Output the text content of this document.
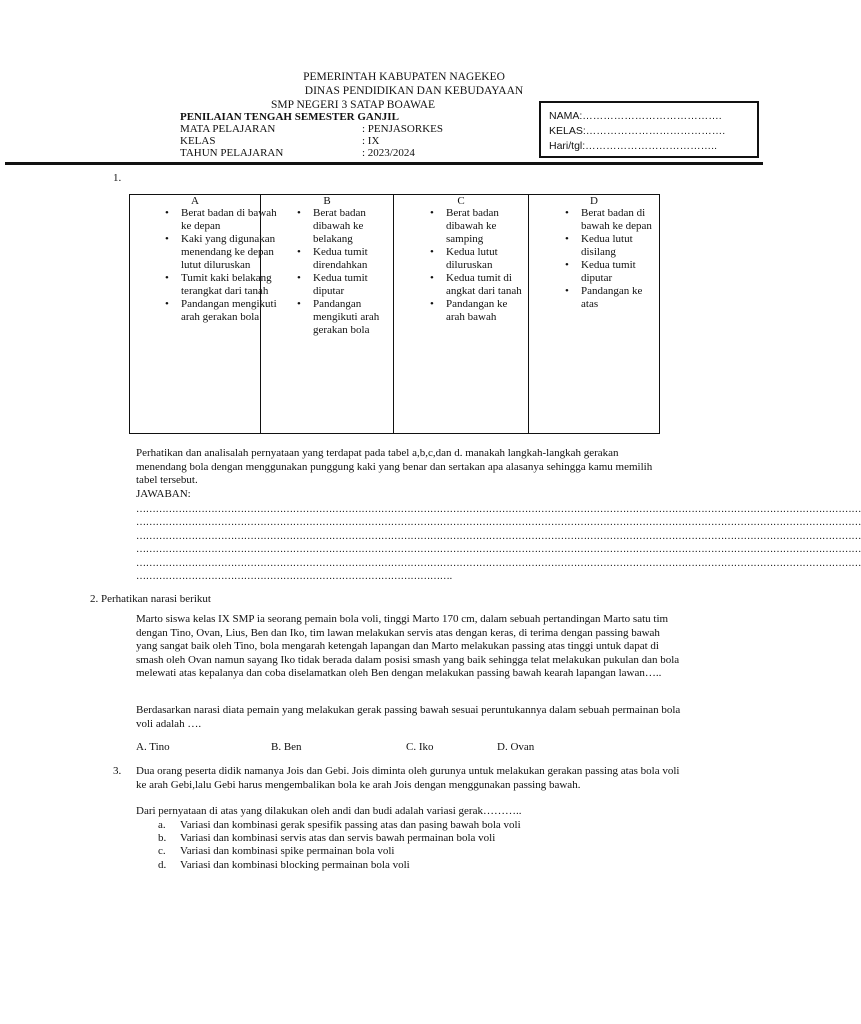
PEMERINTAH KABUPATEN NAGEKEO
DINAS PENDIDIKAN DAN KEBUDAYAAN
SMP NEGERI 3 SATAP BOAWAE
PENILAIAN TENGAH SEMESTER GANJIL
MATA PELAJARAN	: PENJASORKES
KELAS	: IX
TAHUN PELAJARAN	: 2023/2024
NAMA:………………………………….
KELAS:………………………………….
Hari/tgl:………………………………..
1.
A
• Berat badan di bawah ke depan
• Kaki yang digunakan menendang ke depan lutut diluruskan
• Tumit kaki belakang terangkat dari tanah
• Pandangan mengikuti arah gerakan bola
B
• Berat badan dibawah ke belakang
• Kedua tumit direndahkan
• Kedua tumit diputar
• Pandangan mengikuti arah gerakan bola
C
• Berat badan dibawah ke samping
• Kedua lutut diluruskan
• Kedua tumit di angkat dari tanah
• Pandangan ke arah bawah
D
• Berat badan di bawah ke depan
• Kedua lutut disilang
• Kedua tumit diputar
• Pandangan ke atas
Perhatikan dan analisalah pernyataan yang terdapat pada tabel a,b,c,dan d. manakah langkah-langkah gerakan menendang bola dengan menggunakan punggung kaki yang benar dan sertakan apa alasanya sehingga kamu memilih tabel tersebut.
JAWABAN:
……………………………………………………………………………………………………………………………………………………………………………………………………
……………………………………………………………………………………………………………………………………………………………………………………………………
……………………………………………………………………………………………………………………………………………………………………………………………………
……………………………………………………………………………………………………………………………………………………………………………………………………
……………………………………………………………………………………………………………………………………………………………………………………………………
…………………………………………………………………………………….
2. Perhatikan narasi berikut
Marto siswa kelas IX SMP ia seorang pemain bola voli, tinggi Marto 170 cm, dalam sebuah pertandingan Marto satu tim dengan Tino, Ovan, Lius, Ben dan Iko, tim lawan melakukan servis atas dengan keras, di terima dengan passing bawah yang sangat baik oleh Tino, bola mengarah ketengah lapangan dan Marto melakukan passing atas tinggi untuk dapat di smash oleh Ovan namun sayang Iko tidak berada dalam posisi smash yang baik sehingga telat melakukan pukulan dan bola melewati atas kepalanya dan coba diselamatkan oleh Ben dengan melakukan passing bawah kearah lapangan lawan…..
Berdasarkan narasi diata pemain yang melakukan gerak passing bawah sesuai peruntukannya dalam sebuah permainan bola voli adalah ….
A. Tino	B. Ben	C. Iko	D. Ovan
3. Dua orang peserta didik namanya Jois dan Gebi. Jois diminta oleh gurunya untuk melakukan gerakan passing atas bola voli ke arah Gebi,lalu Gebi harus mengembalikan bola ke arah Jois dengan menggunakan passing bawah.
Dari pernyataan di atas yang dilakukan oleh andi dan budi adalah variasi gerak………..
a. Variasi dan kombinasi gerak spesifik passing atas dan pasing bawah bola voli
b. Variasi dan kombinasi servis atas dan servis bawah permainan bola voli
c. Variasi dan kombinasi spike permainan bola voli
d. Variasi dan kombinasi blocking permainan bola voli
